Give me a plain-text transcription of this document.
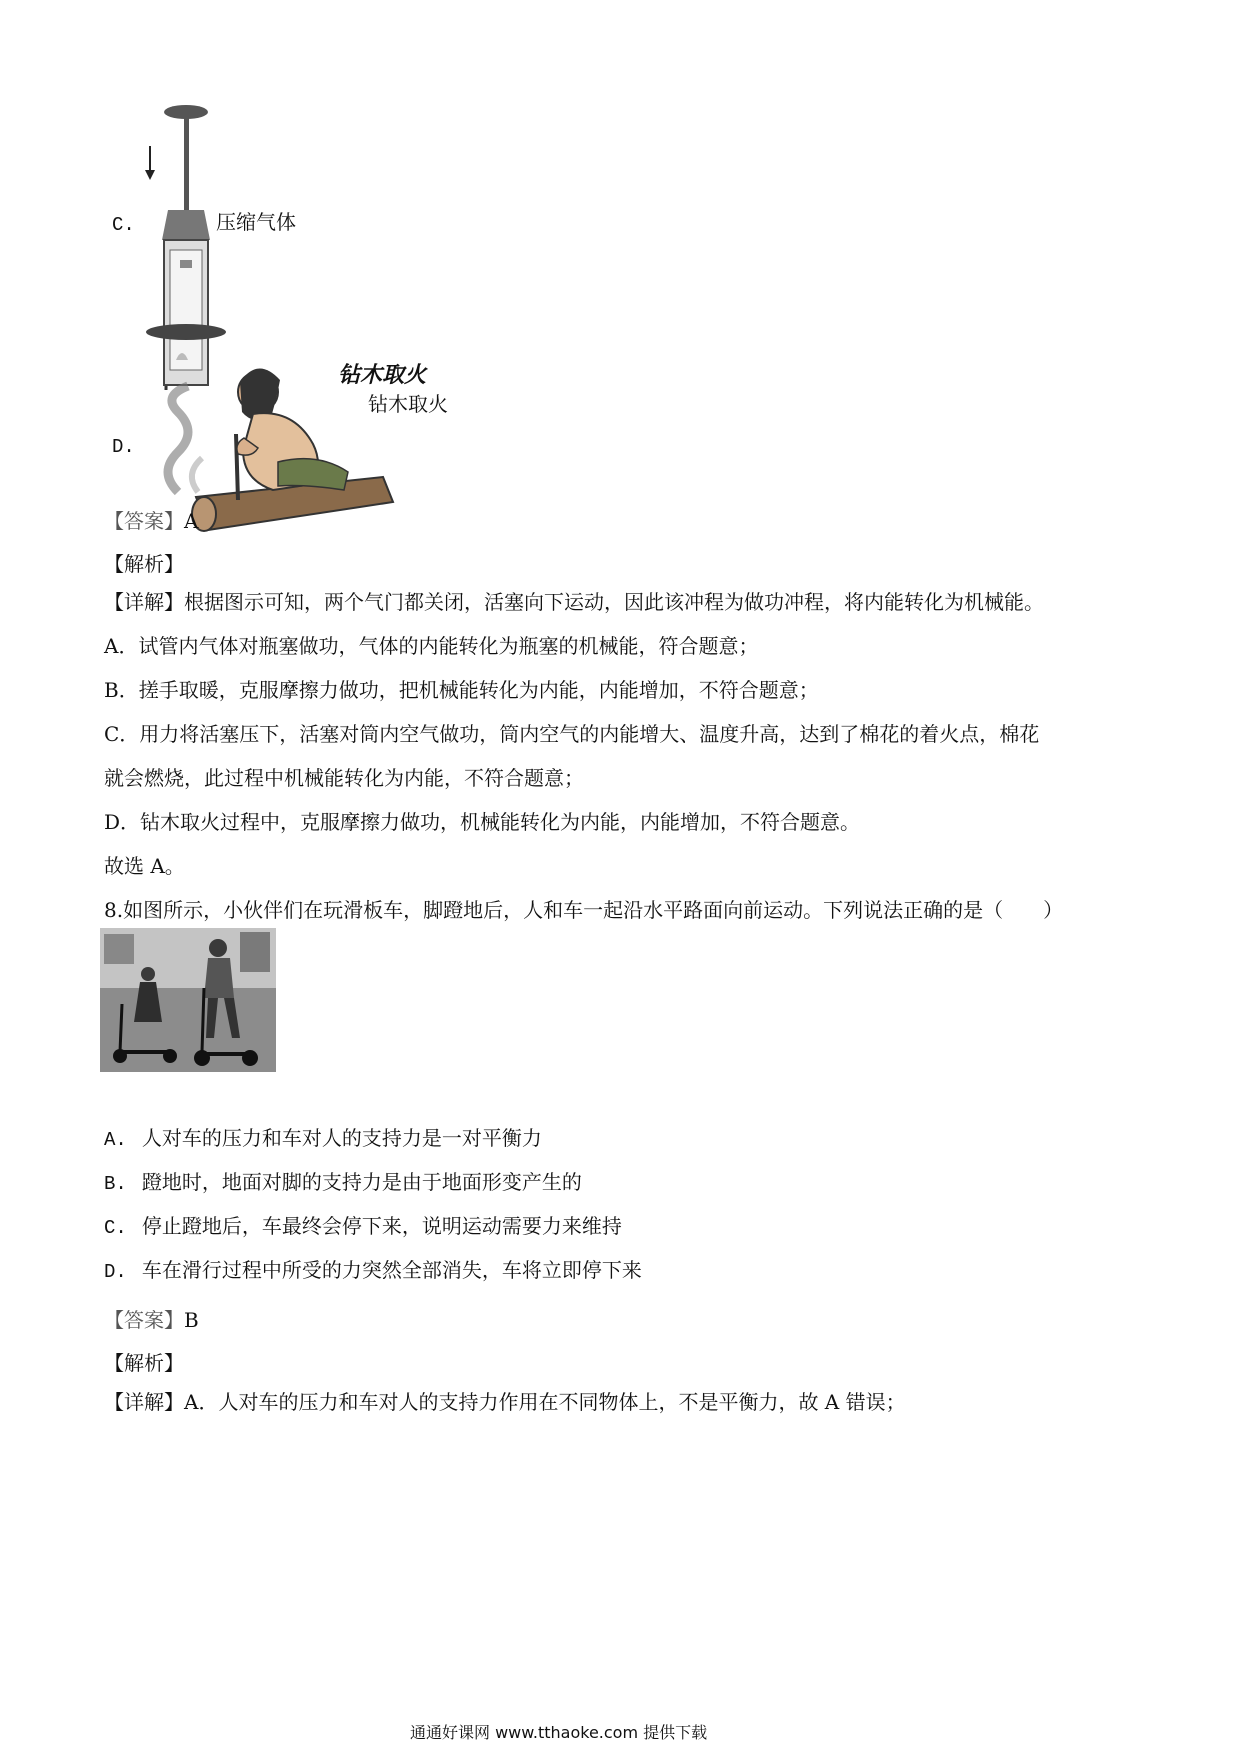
C.	压缩气体
D.
钻木取火
钻木取火
【答案】A
【解析】
【详解】根据图示可知，两个气门都关闭，活塞向下运动，因此该冲程为做功冲程，将内能转化为机械能。
A．试管内气体对瓶塞做功，气体的内能转化为瓶塞的机械能，符合题意；
B．搓手取暖，克服摩擦力做功，把机械能转化为内能，内能增加，不符合题意；
C．用力将活塞压下，活塞对筒内空气做功，筒内空气的内能增大、温度升高，达到了棉花的着火点，棉花
就会燃烧，此过程中机械能转化为内能，不符合题意；
D．钻木取火过程中，克服摩擦力做功，机械能转化为内能，内能增加，不符合题意。
故选 A。
8.如图所示，小伙伴们在玩滑板车，脚蹬地后，人和车一起沿水平路面向前运动。下列说法正确的是（　　）
A. 人对车的压力和车对人的支持力是一对平衡力
B. 蹬地时，地面对脚的支持力是由于地面形变产生的
C. 停止蹬地后，车最终会停下来，说明运动需要力来维持
D. 车在滑行过程中所受的力突然全部消失，车将立即停下来
【答案】B
【解析】
【详解】A．人对车的压力和车对人的支持力作用在不同物体上，不是平衡力，故 A 错误；
通通好课网 www.tthaoke.com 提供下载
